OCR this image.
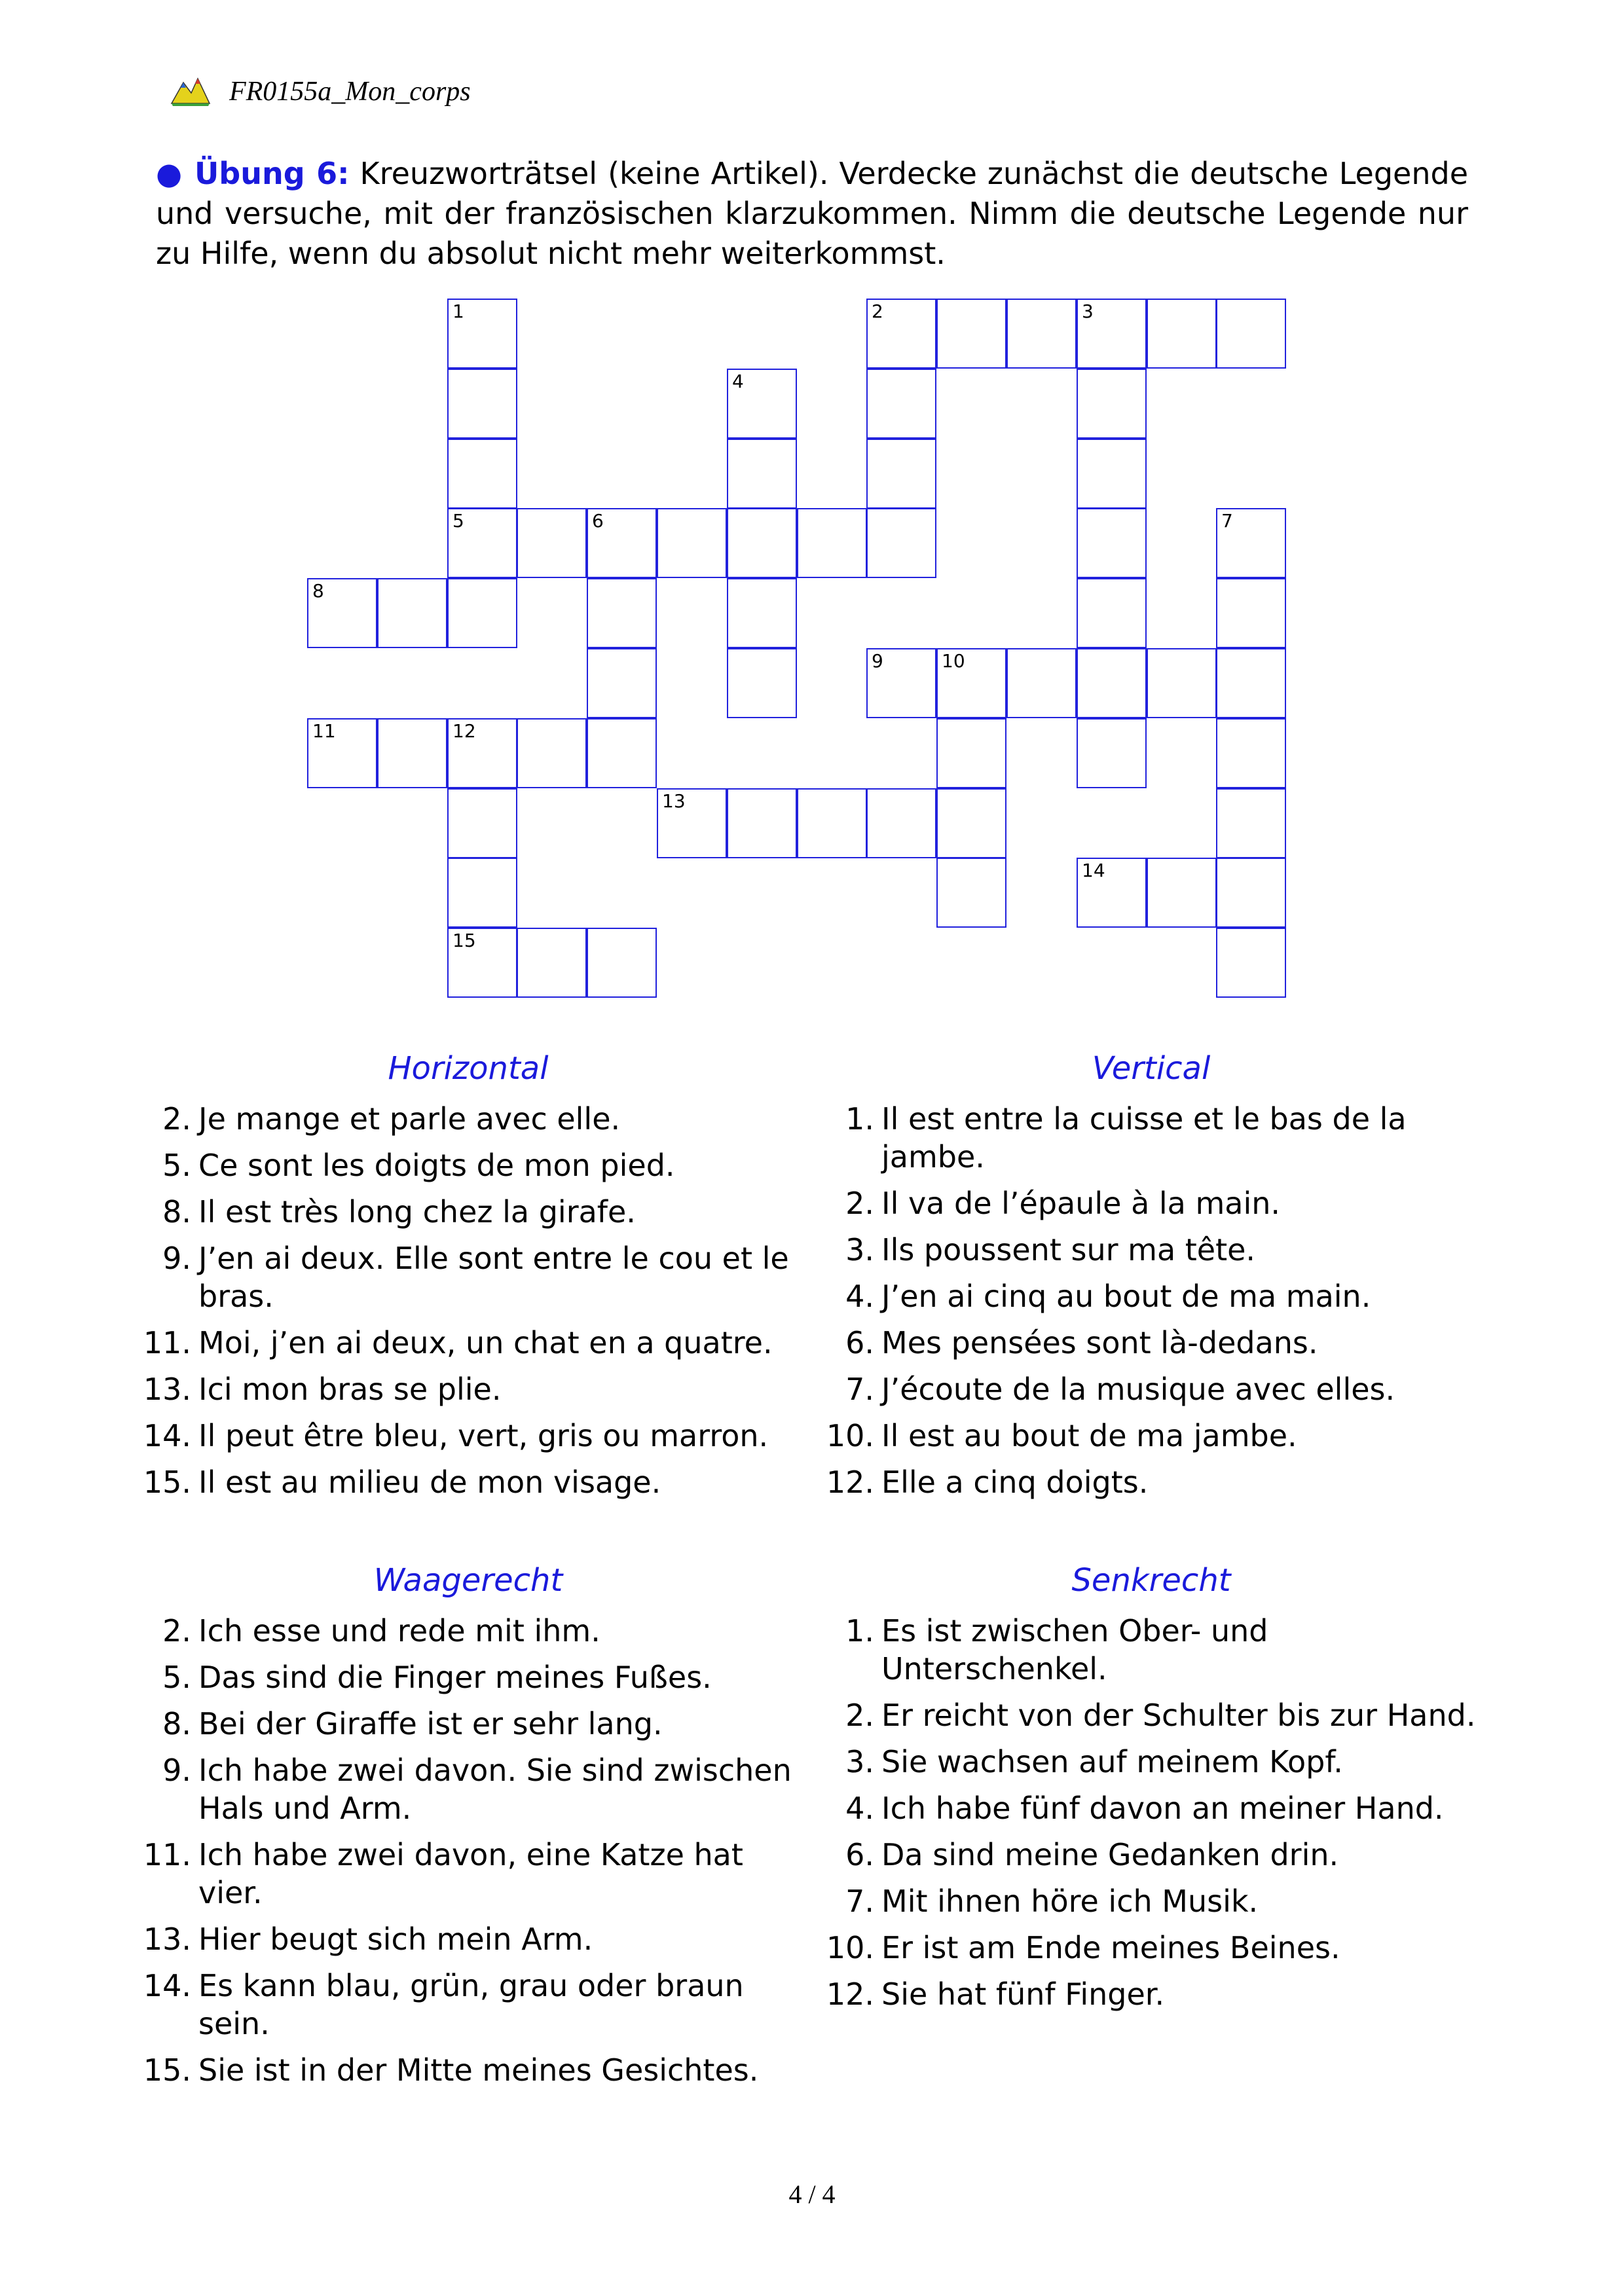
FR0155a_Mon_corps
● Übung 6: Kreuzworträtsel (keine Artikel). Verdecke zunächst die deutsche Legende und versuche, mit der französischen klarzukommen. Nimm die deutsche Legende nur zu Hilfe, wenn du absolut nicht mehr weiterkommst.
1	2	3
4
5	6	7
8
9	10
11	12
13
14
15
Horizontal
2. Je mange et parle avec elle.
5. Ce sont les doigts de mon pied.
8. Il est très long chez la girafe.
9. J’en ai deux. Elle sont entre le cou et le bras.
11. Moi, j’en ai deux, un chat en a quatre.
13. Ici mon bras se plie.
14. Il peut être bleu, vert, gris ou marron.
15. Il est au milieu de mon visage.
Vertical
1. Il est entre la cuisse et le bas de la jambe.
2. Il va de l’épaule à la main.
3. Ils poussent sur ma tête.
4. J’en ai cinq au bout de ma main.
6. Mes pensées sont là-dedans.
7. J’écoute de la musique avec elles.
10. Il est au bout de ma jambe.
12. Elle a cinq doigts.
Waagerecht
2. Ich esse und rede mit ihm.
5. Das sind die Finger meines Fußes.
8. Bei der Giraffe ist er sehr lang.
9. Ich habe zwei davon. Sie sind zwischen Hals und Arm.
11. Ich habe zwei davon, eine Katze hat vier.
13. Hier beugt sich mein Arm.
14. Es kann blau, grün, grau oder braun sein.
15. Sie ist in der Mitte meines Gesichtes.
Senkrecht
1. Es ist zwischen Ober- und Unterschenkel.
2. Er reicht von der Schulter bis zur Hand.
3. Sie wachsen auf meinem Kopf.
4. Ich habe fünf davon an meiner Hand.
6. Da sind meine Gedanken drin.
7. Mit ihnen höre ich Musik.
10. Er ist am Ende meines Beines.
12. Sie hat fünf Finger.
4 / 4
